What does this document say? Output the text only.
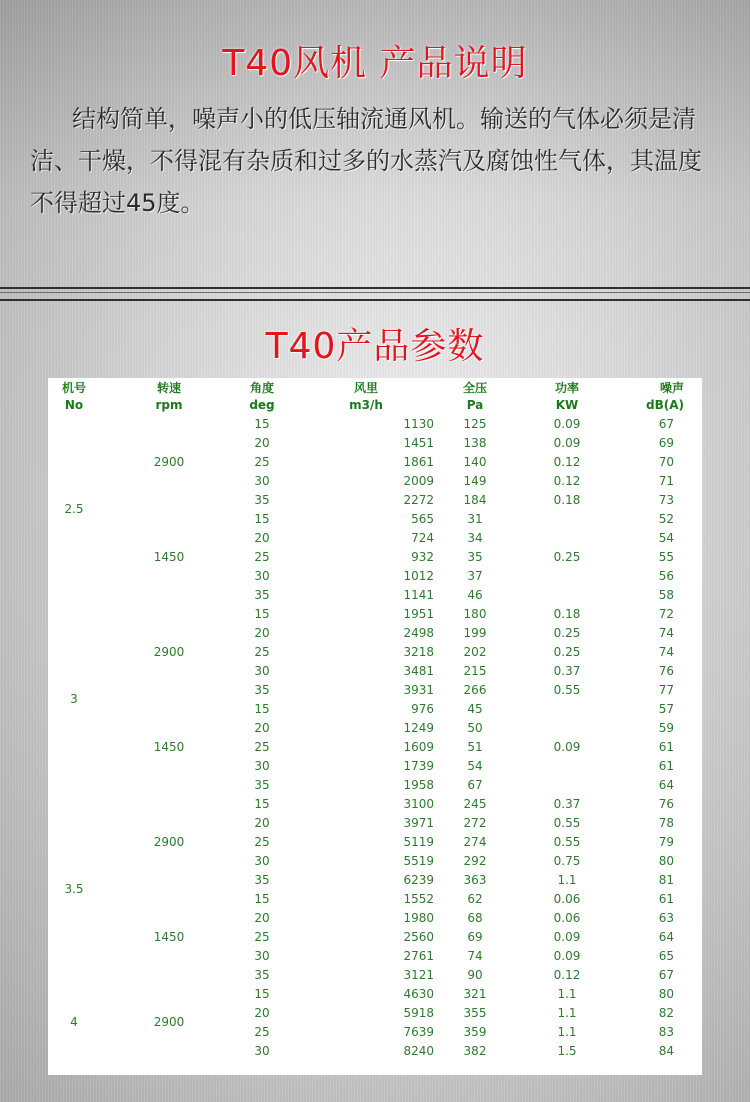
T40风机 产品说明
结构简单，噪声小的低压轴流通风机。输送的气体必须是清洁、干燥，不得混有杂质和过多的水蒸汽及腐蚀性气体，其温度不得超过45度。
T40产品参数
机号	转速	角度	风里	全压	功率	噪声
No	rpm	deg	m3/h	Pa	KW	dB(A)
2.5	2900	15	1130	125	0.09	67
		20	1451	138	0.09	69
		25	1861	140	0.12	70
		30	2009	149	0.12	71
		35	2272	184	0.18	73
	1450	15	565	31		52
		20	724	34		54
		25	932	35	0.25	55
		30	1012	37		56
		35	1141	46		58
3	2900	15	1951	180	0.18	72
		20	2498	199	0.25	74
		25	3218	202	0.25	74
		30	3481	215	0.37	76
		35	3931	266	0.55	77
	1450	15	976	45		57
		20	1249	50		59
		25	1609	51	0.09	61
		30	1739	54		61
		35	1958	67		64
3.5	2900	15	3100	245	0.37	76
		20	3971	272	0.55	78
		25	5119	274	0.55	79
		30	5519	292	0.75	80
		35	6239	363	1.1	81
	1450	15	1552	62	0.06	61
		20	1980	68	0.06	63
		25	2560	69	0.09	64
		30	2761	74	0.09	65
		35	3121	90	0.12	67
4	2900	15	4630	321	1.1	80
		20	5918	355	1.1	82
		25	7639	359	1.1	83
		30	8240	382	1.5	84
